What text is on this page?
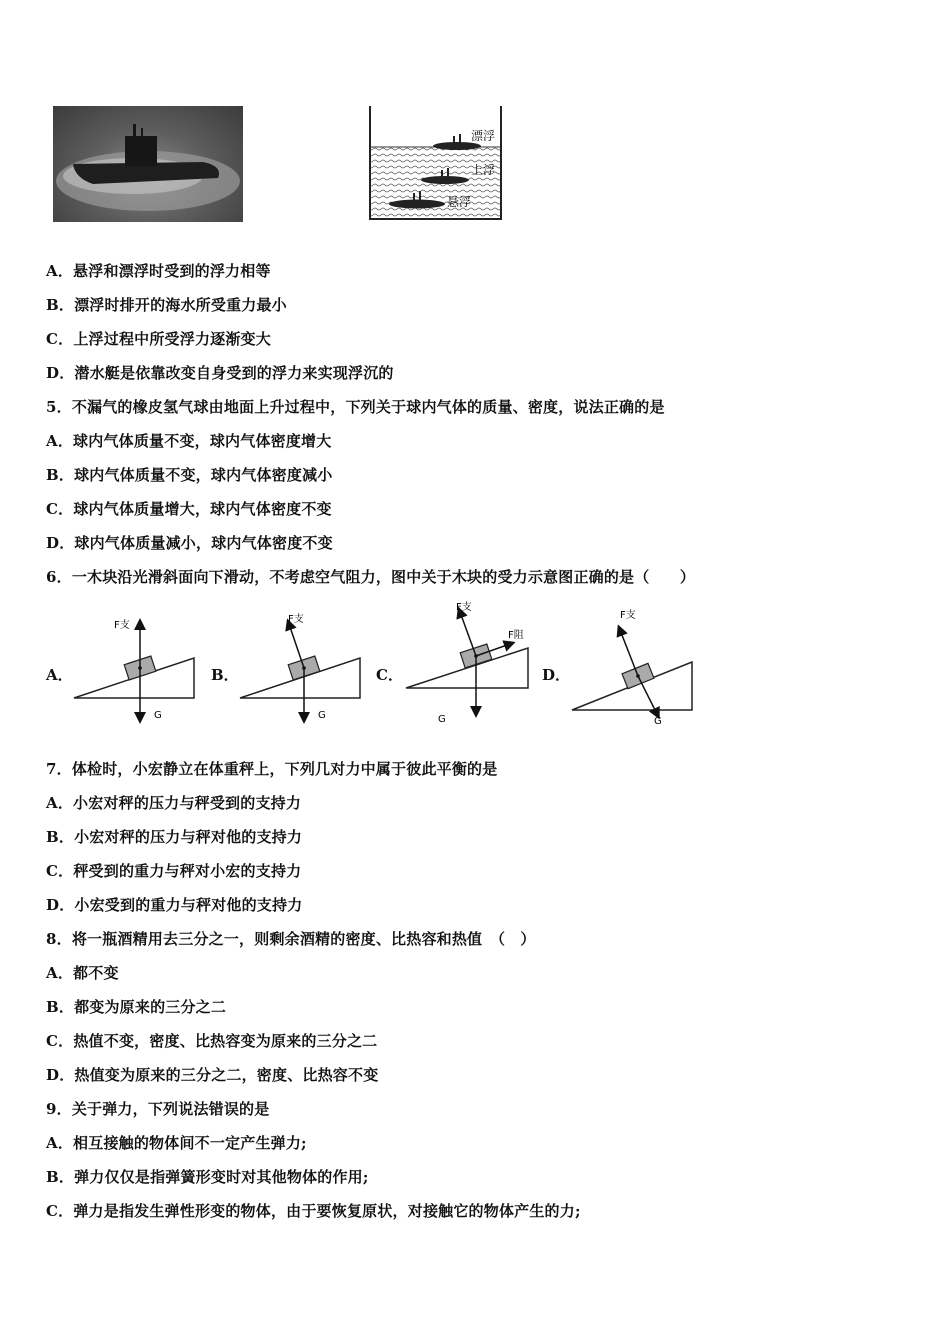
漂浮
上浮
悬浮
A．悬浮和漂浮时受到的浮力相等
B．漂浮时排开的海水所受重力最小
C．上浮过程中所受浮力逐渐变大
D．潜水艇是依靠改变自身受到的浮力来实现浮沉的
5．不漏气的橡皮氢气球由地面上升过程中，下列关于球内气体的质量、密度，说法正确的是
A．球内气体质量不变，球内气体密度增大
B．球内气体质量不变，球内气体密度减小
C．球内气体质量增大，球内气体密度不变
D．球内气体质量减小，球内气体密度不变
6．一木块沿光滑斜面向下滑动，不考虑空气阻力，图中关于木块的受力示意图正确的是（　　）
A．	B．	C．	D．
F支
G
F支
G
F支
F阻
G
F支
G
7．体检时，小宏静立在体重秤上，下列几对力中属于彼此平衡的是
A．小宏对秤的压力与秤受到的支持力
B．小宏对秤的压力与秤对他的支持力
C．秤受到的重力与秤对小宏的支持力
D．小宏受到的重力与秤对他的支持力
8．将一瓶酒精用去三分之一，则剩余酒精的密度、比热容和热值　（　）
A．都不变
B．都变为原来的三分之二
C．热值不变，密度、比热容变为原来的三分之二
D．热值变为原来的三分之二，密度、比热容不变
9．关于弹力，下列说法错误的是
A．相互接触的物体间不一定产生弹力;
B．弹力仅仅是指弹簧形变时对其他物体的作用;
C．弹力是指发生弹性形变的物体，由于要恢复原状，对接触它的物体产生的力;
